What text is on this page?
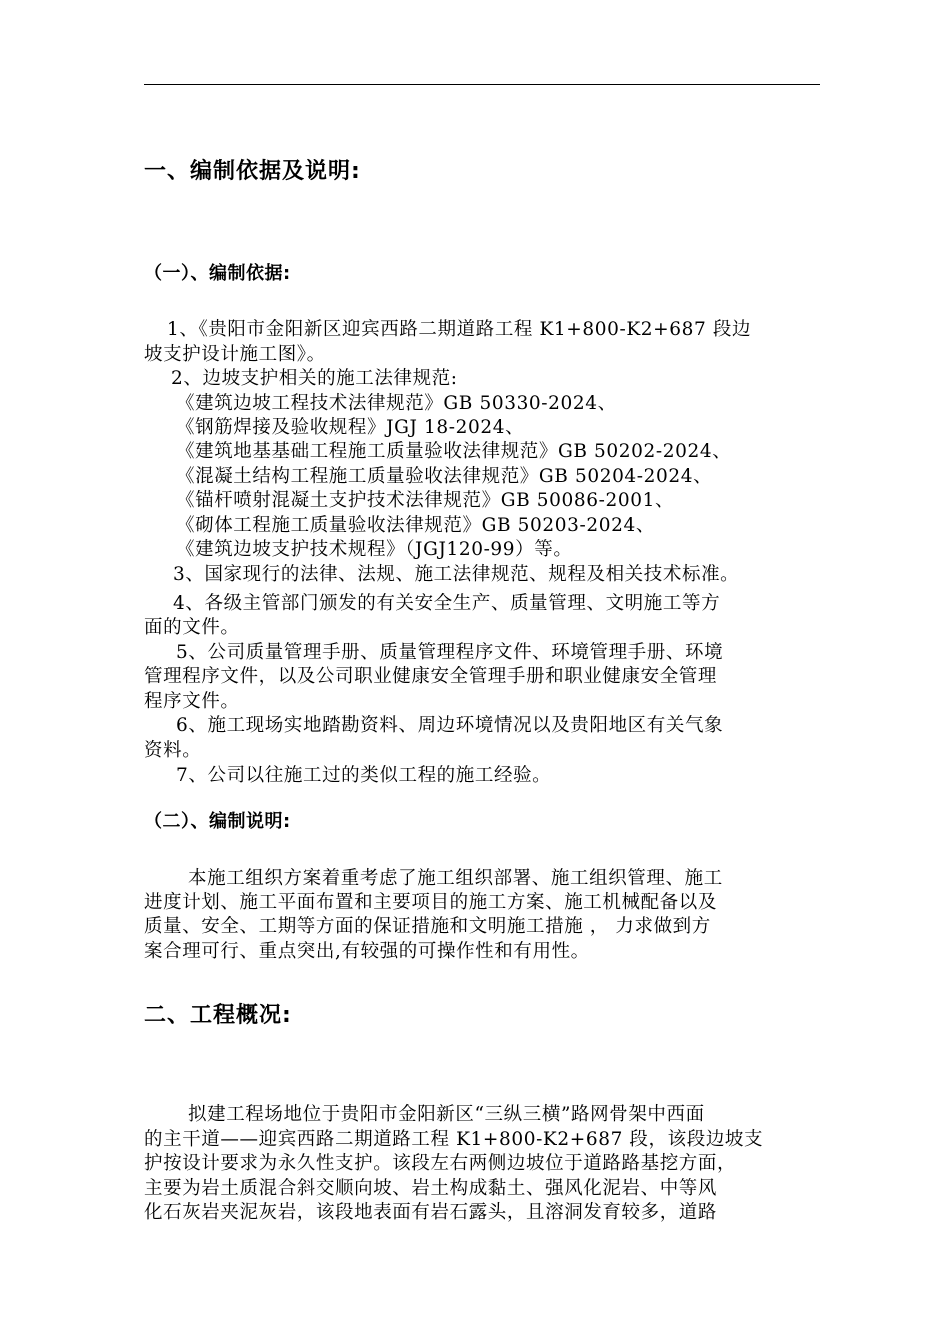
一、编制依据及说明:
（一）、编制依据:
1、《贵阳市金阳新区迎宾西路二期道路工程 K1+800-K2+687 段边
坡支护设计施工图》。
2、边坡支护相关的施工法律规范:
《建筑边坡工程技术法律规范》GB 50330-2024、
《钢筋焊接及验收规程》JGJ 18-2024、
《建筑地基基础工程施工质量验收法律规范》GB 50202-2024、
《混凝土结构工程施工质量验收法律规范》GB 50204-2024、
《锚杆喷射混凝土支护技术法律规范》GB 50086-2001、
《砌体工程施工质量验收法律规范》GB 50203-2024、
《建筑边坡支护技术规程》（JGJ120-99）等。
3、国家现行的法律、法规、施工法律规范、规程及相关技术标准。
4、各级主管部门颁发的有关安全生产、质量管理、文明施工等方
面的文件。
5、公司质量管理手册、质量管理程序文件、环境管理手册、环境
管理程序文件，以及公司职业健康安全管理手册和职业健康安全管理
程序文件。
6、施工现场实地踏勘资料、周边环境情况以及贵阳地区有关气象
资料。
7、公司以往施工过的类似工程的施工经验。
（二）、编制说明:
本施工组织方案着重考虑了施工组织部署、施工组织管理、施工
进度计划、施工平面布置和主要项目的施工方案、施工机械配备以及
质量、安全、工期等方面的保证措施和文明施工措施 ， 力求做到方
案合理可行、重点突出,有较强的可操作性和有用性。
二、工程概况:
拟建工程场地位于贵阳市金阳新区“三纵三横”路网骨架中西面
的主干道——迎宾西路二期道路工程 K1+800-K2+687 段，该段边坡支
护按设计要求为永久性支护。该段左右两侧边坡位于道路路基挖方面，
主要为岩土质混合斜交顺向坡、岩土构成黏土、强风化泥岩、中等风
化石灰岩夹泥灰岩，该段地表面有岩石露头，且溶洞发育较多，道路
